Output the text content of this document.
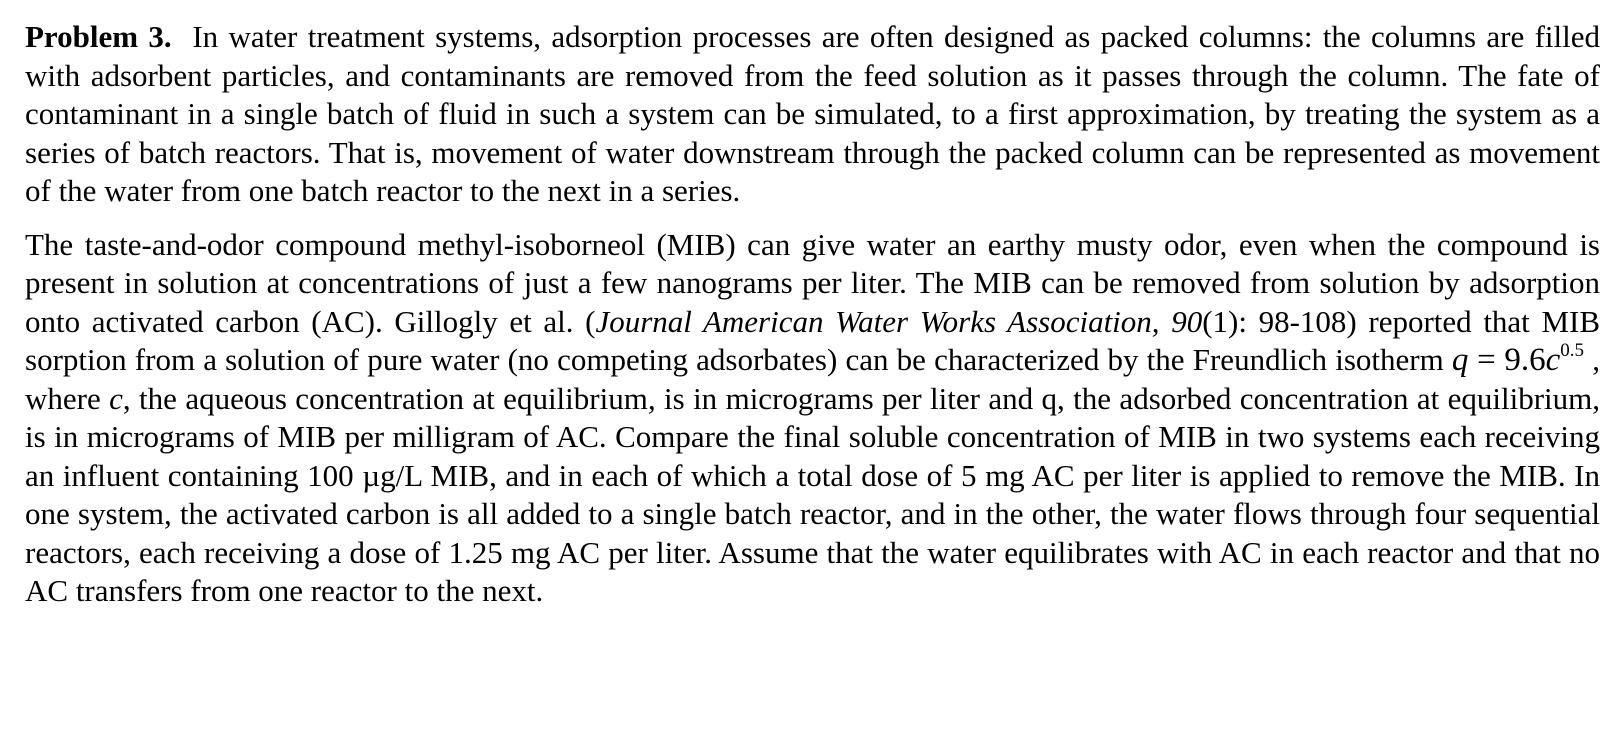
Problem 3. In water treatment systems, adsorption processes are often designed as packed columns: the columns are filled with adsorbent particles, and contaminants are removed from the feed solution as it passes through the column. The fate of contaminant in a single batch of fluid in such a system can be simulated, to a first approximation, by treating the system as a series of batch reactors. That is, movement of water downstream through the packed column can be represented as movement of the water from one batch reactor to the next in a series.

The taste-and-odor compound methyl-isoborneol (MIB) can give water an earthy musty odor, even when the compound is present in solution at concentrations of just a few nanograms per liter. The MIB can be removed from solution by adsorption onto activated carbon (AC). Gillogly et al. (Journal American Water Works Association, 90(1): 98-108) reported that MIB sorption from a solution of pure water (no competing adsorbates) can be characterized by the Freundlich isotherm $q = 9.6c^{0.5}$ , where c, the aqueous concentration at equilibrium, is in micrograms per liter and q, the adsorbed concentration at equilibrium, is in micrograms of MIB per milligram of AC. Compare the final soluble concentration of MIB in two systems each receiving an influent containing 100 µg/L MIB, and in each of which a total dose of 5 mg AC per liter is applied to remove the MIB. In one system, the activated carbon is all added to a single batch reactor, and in the other, the water flows through four sequential reactors, each receiving a dose of 1.25 mg AC per liter. Assume that the water equilibrates with AC in each reactor and that no AC transfers from one reactor to the next.
